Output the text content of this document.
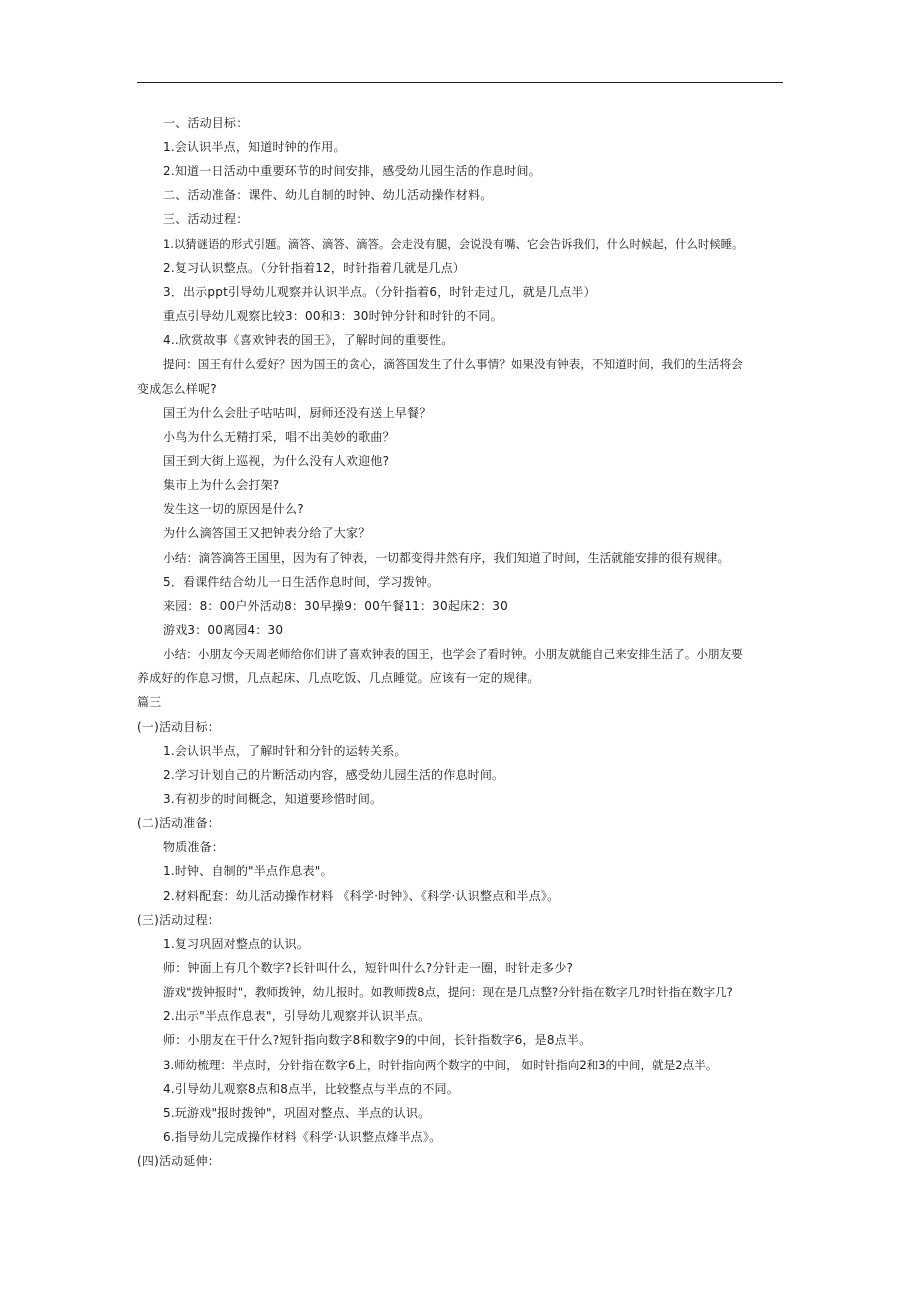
一、活动目标：
1.会认识半点，知道时钟的作用。
2.知道一日活动中重要环节的时间安排，感受幼儿园生活的作息时间。
二、活动准备：课件、幼儿自制的时钟、幼儿活动操作材料。
三、活动过程：
1.以猜谜语的形式引题。滴答、滴答、滴答。会走没有腿，会说没有嘴、它会告诉我们，什么时候起，什么时候睡。
2.复习认识整点。（分针指着12，时针指着几就是几点）
3．出示ppt引导幼儿观察并认识半点。（分针指着6，时针走过几，就是几点半）
重点引导幼儿观察比较3：00和3：30时钟分针和时针的不同。
4..欣赏故事《喜欢钟表的国王》，了解时间的重要性。
提问：国王有什么爱好？因为国王的贪心，滴答国发生了什么事情？如果没有钟表，不知道时间，我们的生活将会
变成怎么样呢?
国王为什么会肚子咕咕叫，厨师还没有送上早餐？
小鸟为什么无精打采，唱不出美妙的歌曲？
国王到大街上巡视，为什么没有人欢迎他?
集市上为什么会打架?
发生这一切的原因是什么?
为什么滴答国王又把钟表分给了大家？
小结：滴答滴答王国里，因为有了钟表，一切都变得井然有序，我们知道了时间，生活就能安排的很有规律。
5．看课件结合幼儿一日生活作息时间，学习拨钟。
来园：8：00户外活动8：30早操9：00午餐11：30起床2：30
游戏3：00离园4：30
小结：小朋友今天周老师给你们讲了喜欢钟表的国王，也学会了看时钟。小朋友就能自己来安排生活了。小朋友要
养成好的作息习惯，几点起床、几点吃饭、几点睡觉。应该有一定的规律。
篇三
(一)活动目标：
1.会认识半点，了解时针和分针的运转关系。
2.学习计划自己的片断活动内容，感受幼儿园生活的作息时间。
3.有初步的时间概念，知道要珍惜时间。
(二)活动准备：
物质准备：
1.时钟、自制的"半点作息表"。
2.材料配套：幼儿活动操作材料 《科学·时钟》、《科学·认识整点和半点》。
(三)活动过程：
1.复习巩固对整点的认识。
师：钟面上有几个数字?长针叫什么，短针叫什么?分针走一圈，时针走多少?
游戏"拨钟报时"，教师拨钟，幼儿报时。如教师拨8点，提问：现在是几点整?分针指在数字几?时针指在数字几?
2.出示"半点作息表"，引导幼儿观察并认识半点。
师：小朋友在干什么?短针指向数字8和数字9的中间，长针指数字6，是8点半。
3.师幼梳理：半点时，分针指在数字6上，时针指向两个数字的中间， 如时针指向2和3的中间，就是2点半。
4.引导幼儿观察8点和8点半，比较整点与半点的不同。
5.玩游戏"报时拨钟"，巩固对整点、半点的认识。
6.指导幼儿完成操作材料《科学·认识整点烽半点》。
(四)活动延伸：
